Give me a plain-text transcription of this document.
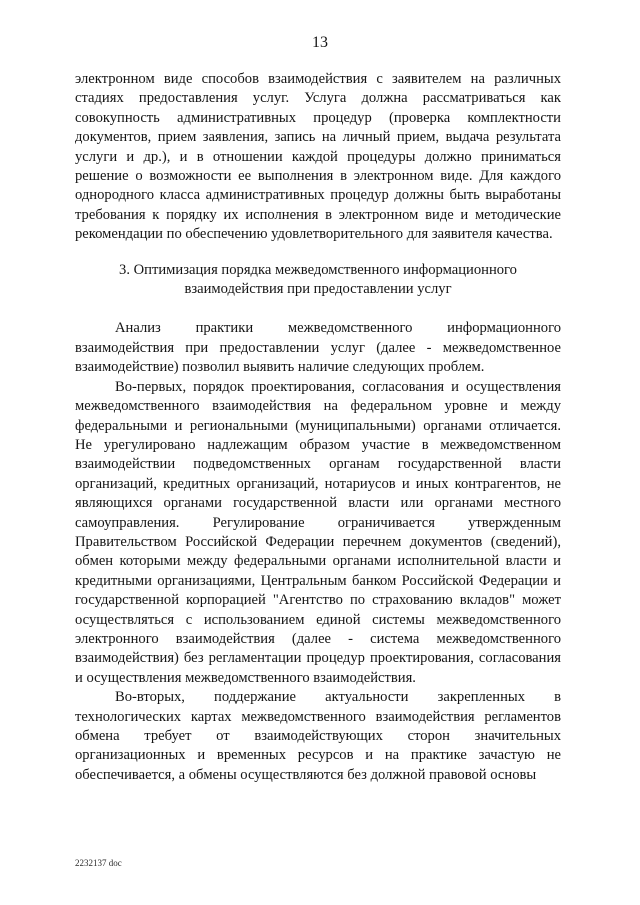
13

электронном виде способов взаимодействия с заявителем на различных стадиях предоставления услуг. Услуга должна рассматриваться как совокупность административных процедур (проверка комплектности документов, прием заявления, запись на личный прием, выдача результата услуги и др.), и в отношении каждой процедуры должно приниматься решение о возможности ее выполнения в электронном виде. Для каждого однородного класса административных процедур должны быть выработаны требования к порядку их исполнения в электронном виде и методические рекомендации по обеспечению удовлетворительного для заявителя качества.

3. Оптимизация порядка межведомственного информационного
взаимодействия при предоставлении услуг

Анализ практики межведомственного информационного взаимодействия при предоставлении услуг (далее - межведомственное взаимодействие) позволил выявить наличие следующих проблем.

Во-первых, порядок проектирования, согласования и осуществления межведомственного взаимодействия на федеральном уровне и между федеральными и региональными (муниципальными) органами отличается. Не урегулировано надлежащим образом участие в межведомственном взаимодействии подведомственных органам государственной власти организаций, кредитных организаций, нотариусов и иных контрагентов, не являющихся органами государственной власти или органами местного самоуправления. Регулирование ограничивается утвержденным Правительством Российской Федерации перечнем документов (сведений), обмен которыми между федеральными органами исполнительной власти и кредитными организациями, Центральным банком Российской Федерации и государственной корпорацией "Агентство по страхованию вкладов" может осуществляться с использованием единой системы межведомственного электронного взаимодействия (далее - система межведомственного взаимодействия) без регламентации процедур проектирования, согласования и осуществления межведомственного взаимодействия.

Во-вторых, поддержание актуальности закрепленных в технологических картах межведомственного взаимодействия регламентов обмена требует от взаимодействующих сторон значительных организационных и временных ресурсов и на практике зачастую не обеспечивается, а обмены осуществляются без должной правовой основы

2232137 doc
